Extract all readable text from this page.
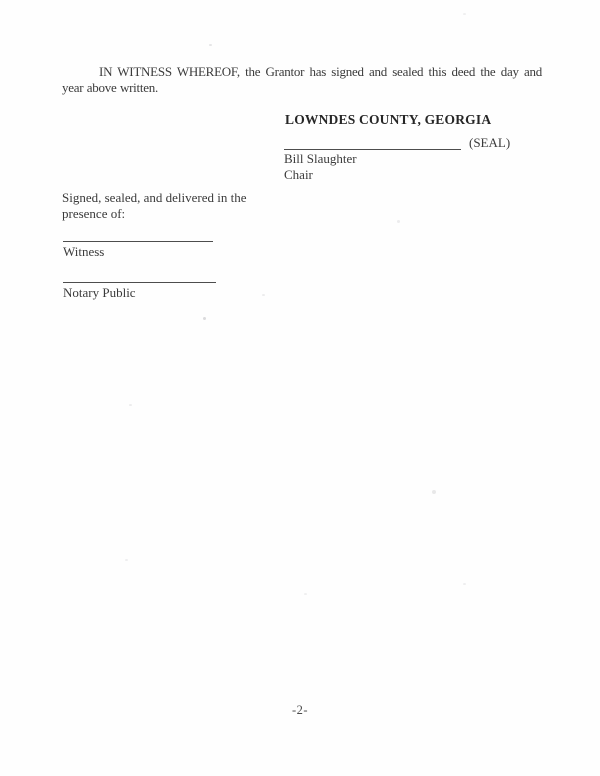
IN WITNESS WHEREOF, the Grantor has signed and sealed this deed the day and year above written.

LOWNDES COUNTY, GEORGIA
(SEAL)
Bill Slaughter
Chair

Signed, sealed, and delivered in the presence of:

Witness
Notary Public
-2-
